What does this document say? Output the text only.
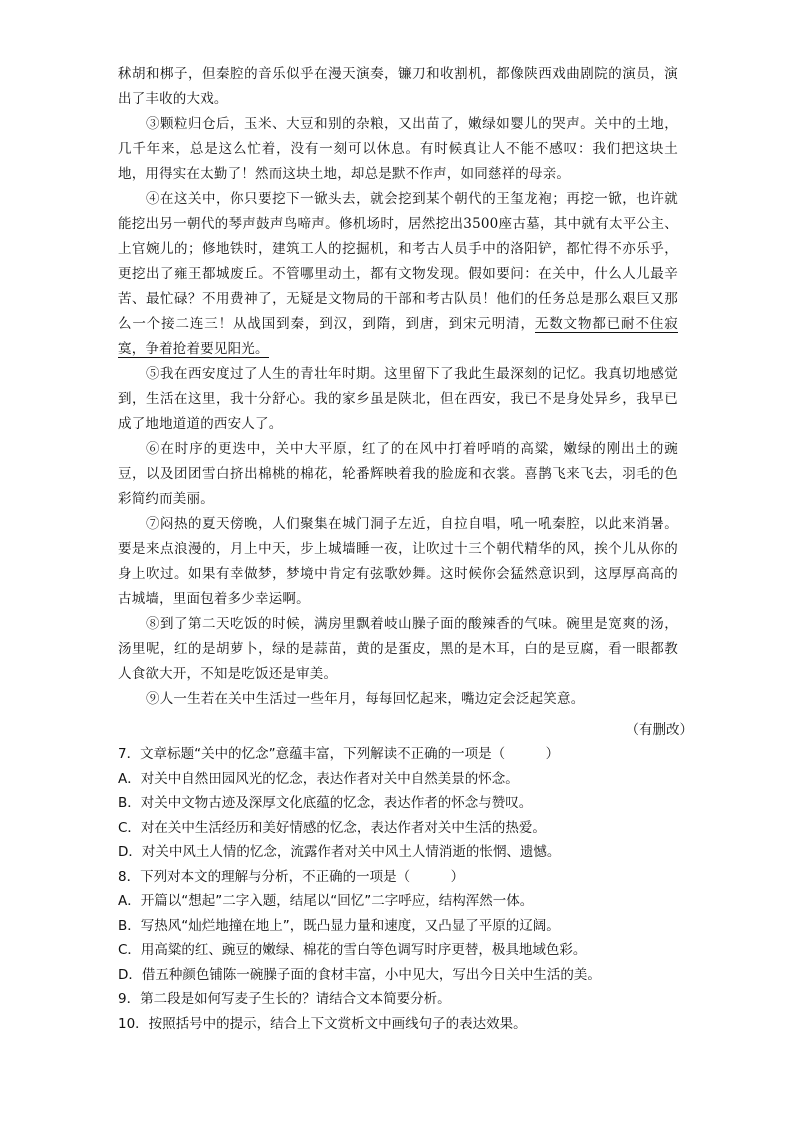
秫胡和梆子，但秦腔的音乐似乎在漫天演奏，镰刀和收割机，都像陕西戏曲剧院的演员，演出了丰收的大戏。

③颗粒归仓后，玉米、大豆和别的杂粮，又出苗了，嫩绿如婴儿的哭声。关中的土地，几千年来，总是这么忙着，没有一刻可以休息。有时候真让人不能不感叹：我们把这块土地，用得实在太勤了！然而这块土地，却总是默不作声，如同慈祥的母亲。

④在这关中，你只要挖下一锨头去，就会挖到某个朝代的王玺龙袍；再挖一锨，也许就能挖出另一朝代的琴声鼓声鸟啼声。修机场时，居然挖出3500座古墓，其中就有太平公主、上官婉儿的；修地铁时，建筑工人的挖掘机，和考古人员手中的洛阳铲，都忙得不亦乐乎，更挖出了雍王都城废丘。不管哪里动土，都有文物发现。假如要问：在关中，什么人儿最辛苦、最忙碌？不用费神了，无疑是文物局的干部和考古队员！他们的任务总是那么艰巨又那么一个接二连三！从战国到秦，到汉，到隋，到唐，到宋元明清，无数文物都已耐不住寂寞，争着抢着要见阳光。

⑤我在西安度过了人生的青壮年时期。这里留下了我此生最深刻的记忆。我真切地感觉到，生活在这里，我十分舒心。我的家乡虽是陕北，但在西安，我已不是身处异乡，我早已成了地地道道的西安人了。

⑥在时序的更迭中，关中大平原，红了的在风中打着呼哨的高粱，嫩绿的刚出土的豌豆，以及团团雪白挤出棉桃的棉花，轮番辉映着我的脸庞和衣裳。喜鹊飞来飞去，羽毛的色彩简约而美丽。

⑦闷热的夏天傍晚，人们聚集在城门洞子左近，自拉自唱，吼一吼秦腔，以此来消暑。要是来点浪漫的，月上中天，步上城墙睡一夜，让吹过十三个朝代精华的风，挨个儿从你的身上吹过。如果有幸做梦，梦境中肯定有弦歌妙舞。这时候你会猛然意识到，这厚厚高高的古城墙，里面包着多少幸运啊。

⑧到了第二天吃饭的时候，满房里飘着岐山臊子面的酸辣香的气味。碗里是宽爽的汤，汤里呢，红的是胡萝卜，绿的是蒜苗，黄的是蛋皮，黑的是木耳，白的是豆腐，看一眼都教人食欲大开，不知是吃饭还是审美。

⑨人一生若在关中生活过一些年月，每每回忆起来，嘴边定会泛起笑意。

（有删改）
7．文章标题“关中的忆念”意蕴丰富，下列解读不正确的一项是（　　　）
A．对关中自然田园风光的忆念，表达作者对关中自然美景的怀念。
B．对关中文物古迹及深厚文化底蕴的忆念，表达作者的怀念与赞叹。
C．对在关中生活经历和美好情感的忆念，表达作者对关中生活的热爱。
D．对关中风土人情的忆念，流露作者对关中风土人情消逝的怅惘、遗憾。
8．下列对本文的理解与分析，不正确的一项是（　　　）
A．开篇以“想起”二字入题，结尾以“回忆”二字呼应，结构浑然一体。
B．写热风“灿烂地撞在地上”，既凸显力量和速度，又凸显了平原的辽阔。
C．用高粱的红、豌豆的嫩绿、棉花的雪白等色调写时序更替，极具地域色彩。
D．借五种颜色铺陈一碗臊子面的食材丰富，小中见大，写出今日关中生活的美。
9．第二段是如何写麦子生长的？请结合文本简要分析。
10．按照括号中的提示，结合上下文赏析文中画线句子的表达效果。
